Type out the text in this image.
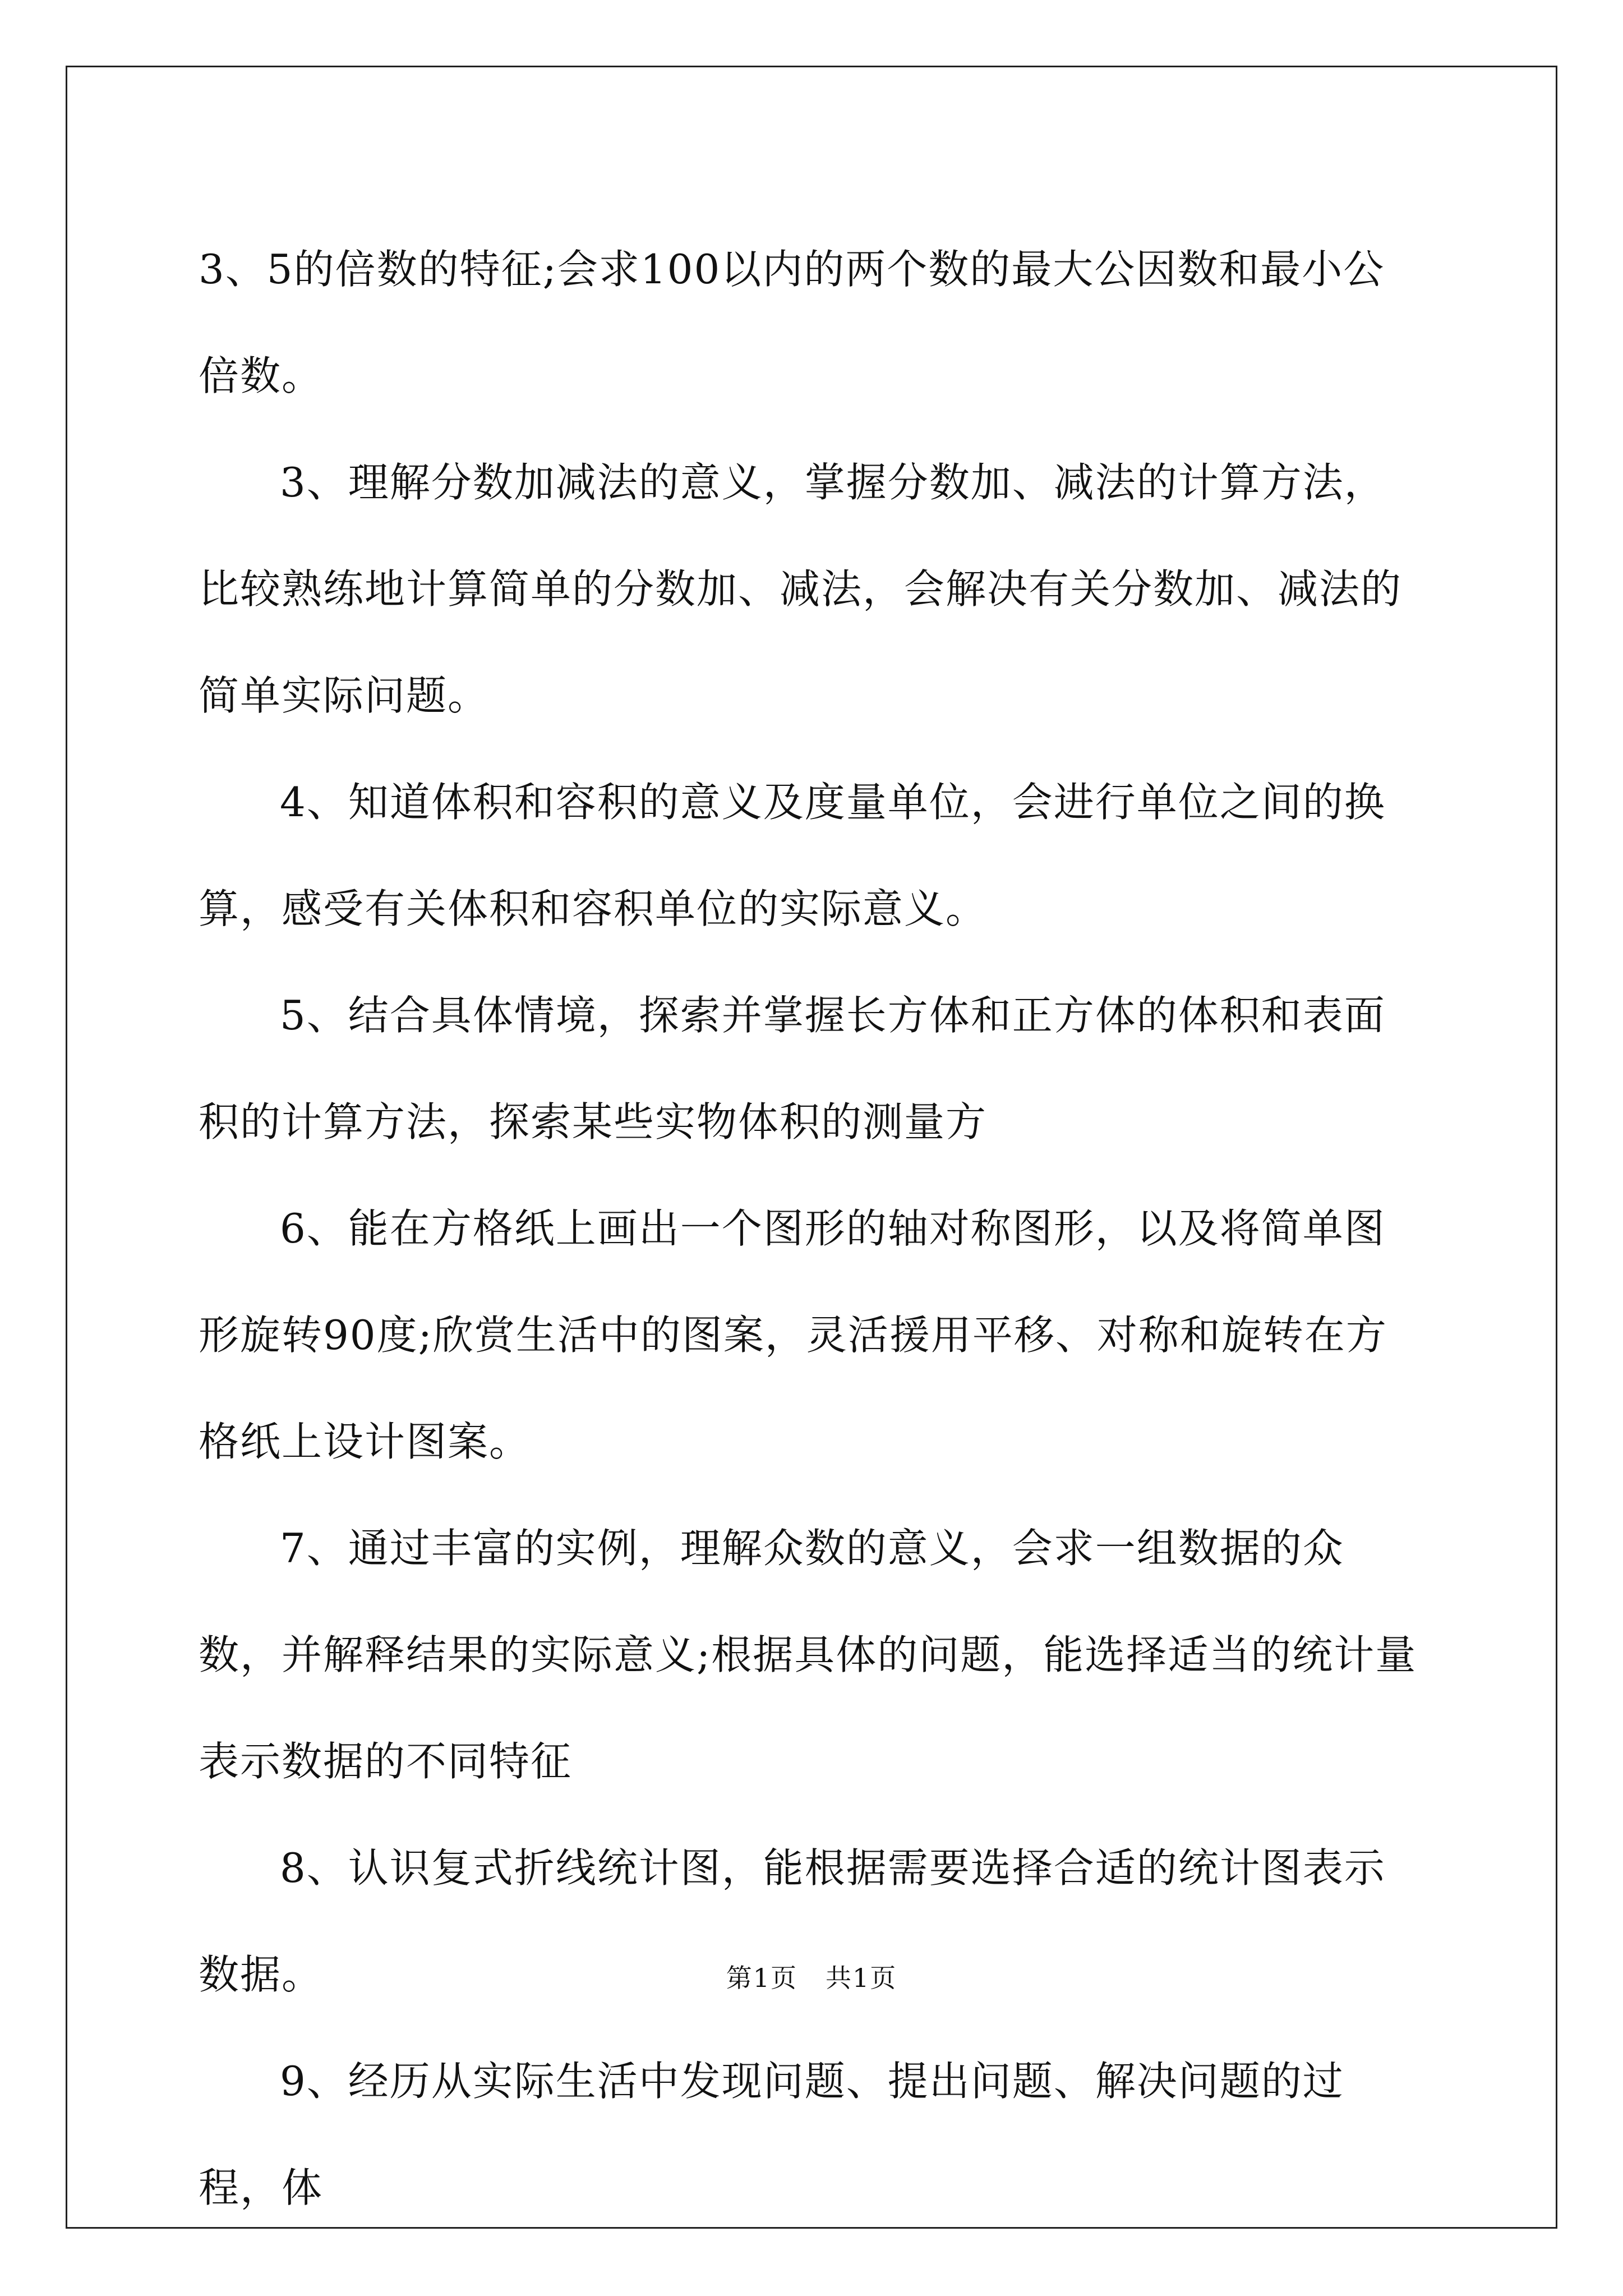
3、5的倍数的特征;会求100以内的两个数的最大公因数和最小公倍数。

3、理解分数加减法的意义，掌握分数加、减法的计算方法，比较熟练地计算简单的分数加、减法，会解决有关分数加、减法的简单实际问题。

4、知道体积和容积的意义及度量单位，会进行单位之间的换算，感受有关体积和容积单位的实际意义。

5、结合具体情境，探索并掌握长方体和正方体的体积和表面积的计算方法，探索某些实物体积的测量方

6、能在方格纸上画出一个图形的轴对称图形，以及将简单图形旋转90度;欣赏生活中的图案，灵活援用平移、对称和旋转在方格纸上设计图案。

7、通过丰富的实例，理解众数的意义，会求一组数据的众数，并解释结果的实际意义;根据具体的问题，能选择适当的统计量表示数据的不同特征

8、认识复式折线统计图，能根据需要选择合适的统计图表示数据。

9、经历从实际生活中发现问题、提出问题、解决问题的过程，体

第1页 共1页
